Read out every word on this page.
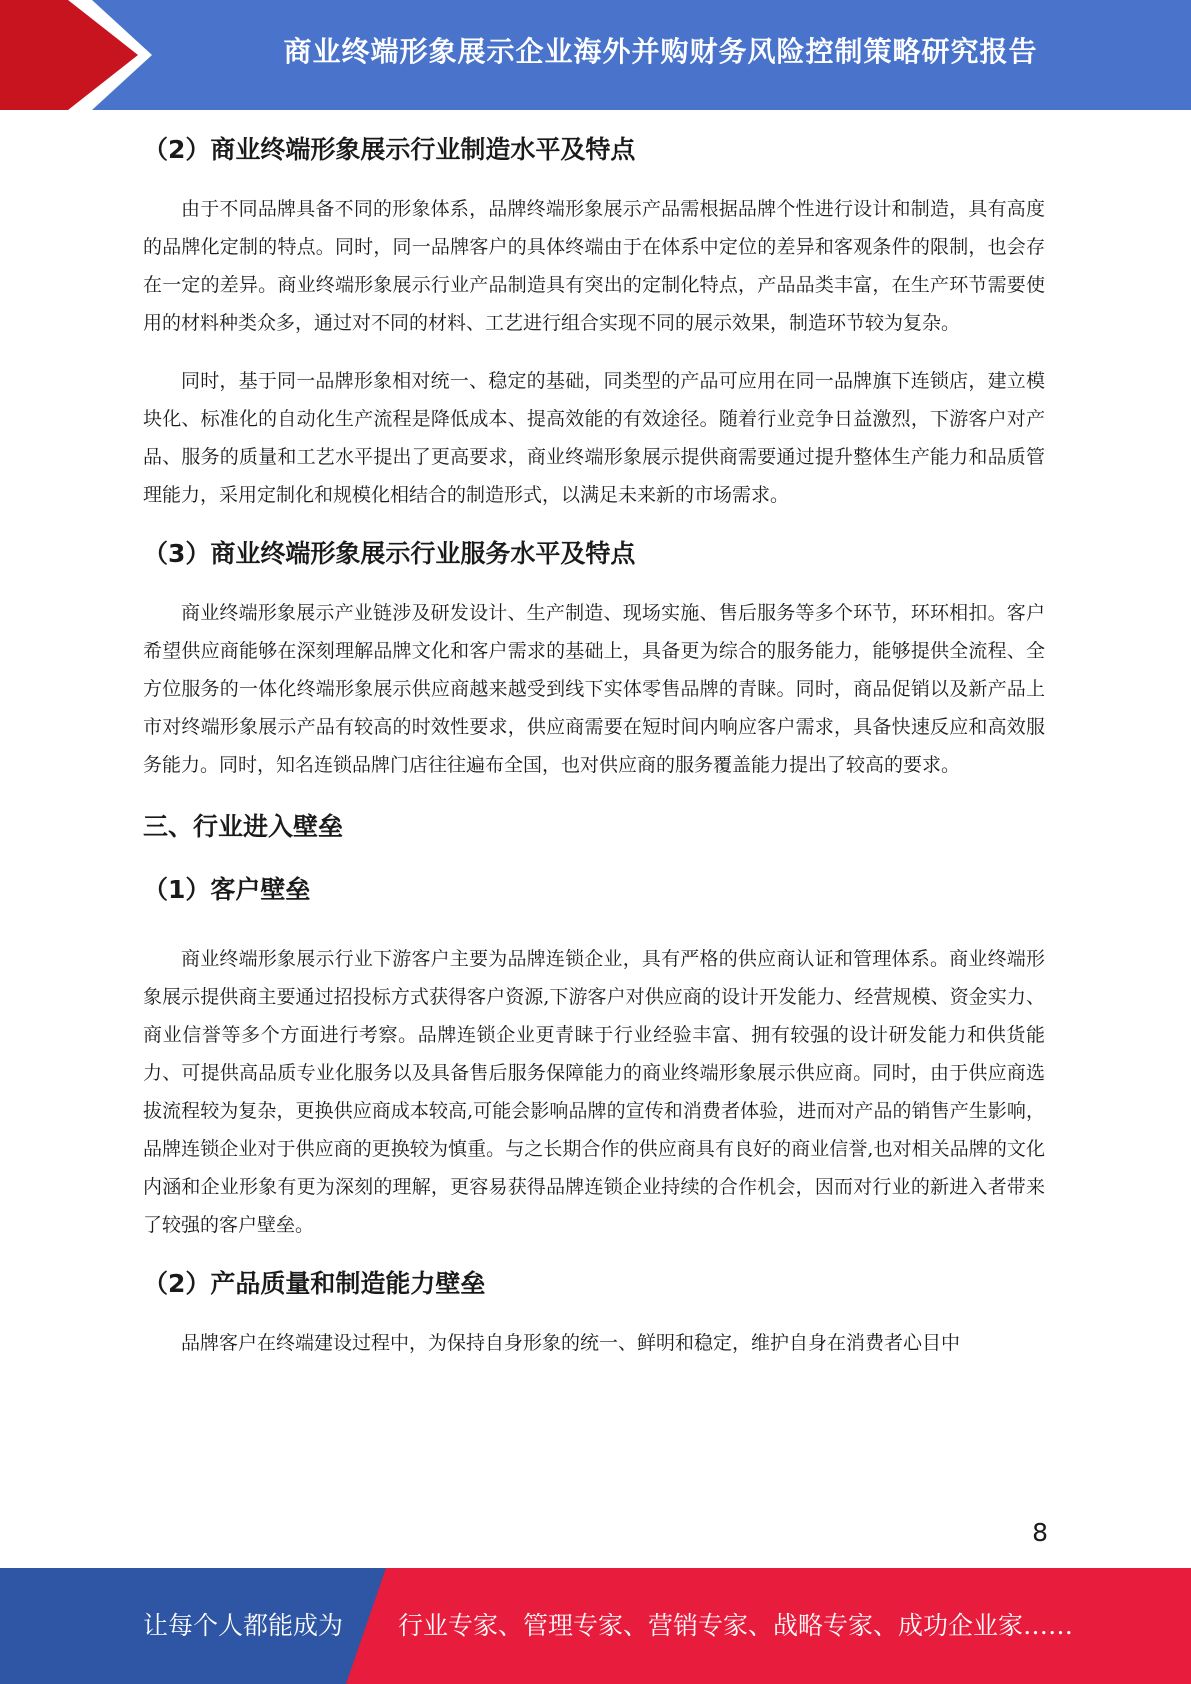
商业终端形象展示企业海外并购财务风险控制策略研究报告
（2）商业终端形象展示行业制造水平及特点

由于不同品牌具备不同的形象体系，品牌终端形象展示产品需根据品牌个性进行设计和制造，具有高度的品牌化定制的特点。同时，同一品牌客户的具体终端由于在体系中定位的差异和客观条件的限制，也会存在一定的差异。商业终端形象展示行业产品制造具有突出的定制化特点，产品品类丰富，在生产环节需要使用的材料种类众多，通过对不同的材料、工艺进行组合实现不同的展示效果，制造环节较为复杂。

同时，基于同一品牌形象相对统一、稳定的基础，同类型的产品可应用在同一品牌旗下连锁店，建立模块化、标准化的自动化生产流程是降低成本、提高效能的有效途径。随着行业竞争日益激烈，下游客户对产品、服务的质量和工艺水平提出了更高要求，商业终端形象展示提供商需要通过提升整体生产能力和品质管理能力，采用定制化和规模化相结合的制造形式，以满足未来新的市场需求。

（3）商业终端形象展示行业服务水平及特点

商业终端形象展示产业链涉及研发设计、生产制造、现场实施、售后服务等多个环节，环环相扣。客户希望供应商能够在深刻理解品牌文化和客户需求的基础上，具备更为综合的服务能力，能够提供全流程、全方位服务的一体化终端形象展示供应商越来越受到线下实体零售品牌的青睐。同时，商品促销以及新产品上市对终端形象展示产品有较高的时效性要求，供应商需要在短时间内响应客户需求，具备快速反应和高效服务能力。同时，知名连锁品牌门店往往遍布全国，也对供应商的服务覆盖能力提出了较高的要求。

三、行业进入壁垒
（1）客户壁垒

商业终端形象展示行业下游客户主要为品牌连锁企业，具有严格的供应商认证和管理体系。商业终端形象展示提供商主要通过招投标方式获得客户资源,下游客户对供应商的设计开发能力、经营规模、资金实力、商业信誉等多个方面进行考察。品牌连锁企业更青睐于行业经验丰富、拥有较强的设计研发能力和供货能力、可提供高品质专业化服务以及具备售后服务保障能力的商业终端形象展示供应商。同时，由于供应商选拔流程较为复杂，更换供应商成本较高,可能会影响品牌的宣传和消费者体验，进而对产品的销售产生影响，品牌连锁企业对于供应商的更换较为慎重。与之长期合作的供应商具有良好的商业信誉,也对相关品牌的文化内涵和企业形象有更为深刻的理解，更容易获得品牌连锁企业持续的合作机会，因而对行业的新进入者带来了较强的客户壁垒。

（2）产品质量和制造能力壁垒

品牌客户在终端建设过程中，为保持自身形象的统一、鲜明和稳定，维护自身在消费者心目中

8
让每个人都能成为 行业专家、管理专家、营销专家、战略专家、成功企业家……
